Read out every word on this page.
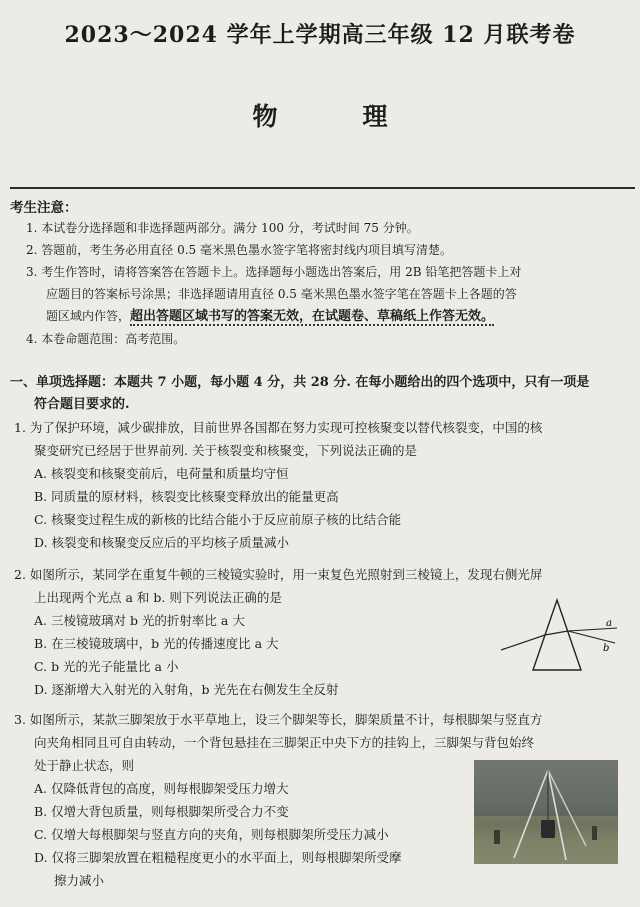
2023～2024 学年上学期高三年级 12 月联考卷
物　理
考生注意：
1. 本试卷分选择题和非选择题两部分。满分 100 分，考试时间 75 分钟。
2. 答题前，考生务必用直径 0.5 毫米黑色墨水签字笔将密封线内项目填写清楚。
3. 考生作答时，请将答案答在答题卡上。选择题每小题选出答案后，用 2B 铅笔把答题卡上对
应题目的答案标号涂黑；非选择题请用直径 0.5 毫米黑色墨水签字笔在答题卡上各题的答
题区域内作答，超出答题区域书写的答案无效，在试题卷、草稿纸上作答无效。
4. 本卷命题范围：高考范围。
一、单项选择题：本题共 7 小题，每小题 4 分，共 28 分. 在每小题给出的四个选项中，只有一项是
符合题目要求的.
1. 为了保护环境，减少碳排放，目前世界各国都在努力实现可控核聚变以替代核裂变，中国的核
聚变研究已经居于世界前列. 关于核裂变和核聚变，下列说法正确的是
A. 核裂变和核聚变前后，电荷量和质量均守恒
B. 同质量的原材料，核裂变比核聚变释放出的能量更高
C. 核聚变过程生成的新核的比结合能小于反应前原子核的比结合能
D. 核裂变和核聚变反应后的平均核子质量减小
2. 如图所示，某同学在重复牛顿的三棱镜实验时，用一束复色光照射到三棱镜上，发现右侧光屏
上出现两个光点 a 和 b. 则下列说法正确的是
A. 三棱镜玻璃对 b 光的折射率比 a 大
B. 在三棱镜玻璃中，b 光的传播速度比 a 大
C. b 光的光子能量比 a 小
D. 逐渐增大入射光的入射角，b 光先在右侧发生全反射
a
b
3. 如图所示，某款三脚架放于水平草地上，设三个脚架等长，脚架质量不计，每根脚架与竖直方
向夹角相同且可自由转动，一个背包悬挂在三脚架正中央下方的挂钩上，三脚架与背包始终
处于静止状态，则
A. 仅降低背包的高度，则每根脚架受压力增大
B. 仅增大背包质量，则每根脚架所受合力不变
C. 仅增大每根脚架与竖直方向的夹角，则每根脚架所受压力减小
D. 仅将三脚架放置在粗糙程度更小的水平面上，则每根脚架所受摩
擦力减小
